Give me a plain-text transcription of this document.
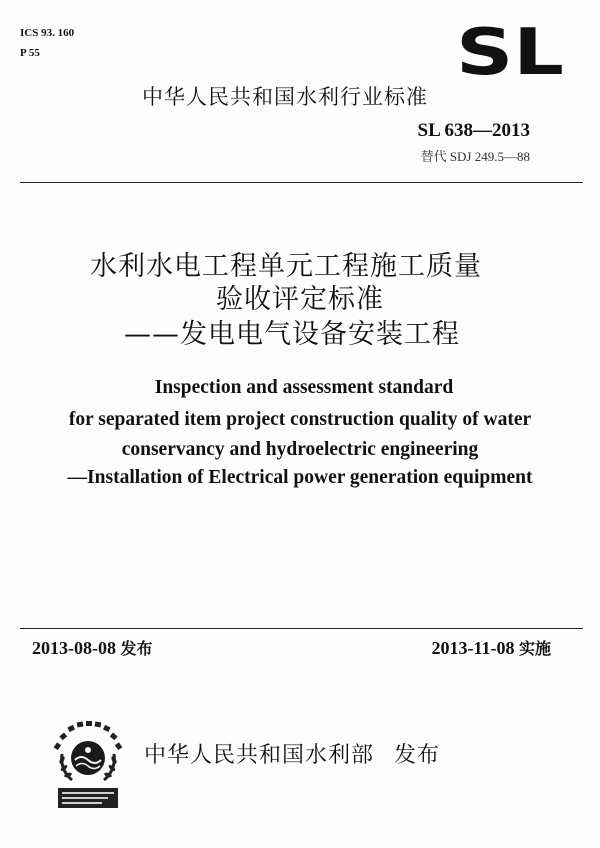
ICS 93. 160
P 55	SL
中华人民共和国水利行业标准
SL 638—2013
替代 SDJ 249.5—88
水利水电工程单元工程施工质量
验收评定标准
——发电电气设备安装工程
Inspection and assessment standard
for separated item project construction quality of water
conservancy and hydroelectric engineering
—Installation of Electrical power generation equipment
2013-08-08 发布	2013-11-08 实施
中华人民共和国水利部 发布
